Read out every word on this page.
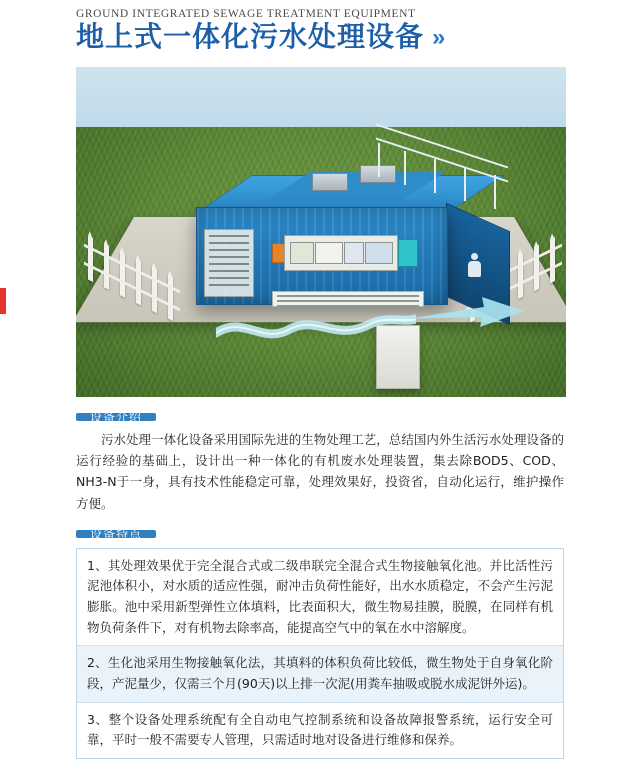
GROUND INTEGRATED SEWAGE TREATMENT EQUIPMENT
地上式一体化污水处理设备 »
设备介绍

污水处理一体化设备采用国际先进的生物处理工艺，总结国内外生活污水处理设备的运行经验的基础上，设计出一种一体化的有机废水处理装置，集去除BOD5、COD、NH3-N于一身，具有技术性能稳定可靠，处理效果好，投资省，自动化运行，维护操作方便。

设备特点
1、其处理效果优于完全混合式或二级串联完全混合式生物接触氧化池。并比活性污泥池体积小，对水质的适应性强，耐冲击负荷性能好，出水水质稳定，不会产生污泥膨胀。池中采用新型弹性立体填料，比表面积大，微生物易挂膜，脱膜，在同样有机物负荷条件下，对有机物去除率高，能提高空气中的氧在水中溶解度。
2、生化池采用生物接触氧化法，其填料的体积负荷比较低，微生物处于自身氧化阶段，产泥量少，仅需三个月(90天)以上排一次泥(用粪车抽吸或脱水成泥饼外运)。
3、整个设备处理系统配有全自动电气控制系统和设备故障报警系统，运行安全可靠，平时一般不需要专人管理，只需适时地对设备进行维修和保养。
